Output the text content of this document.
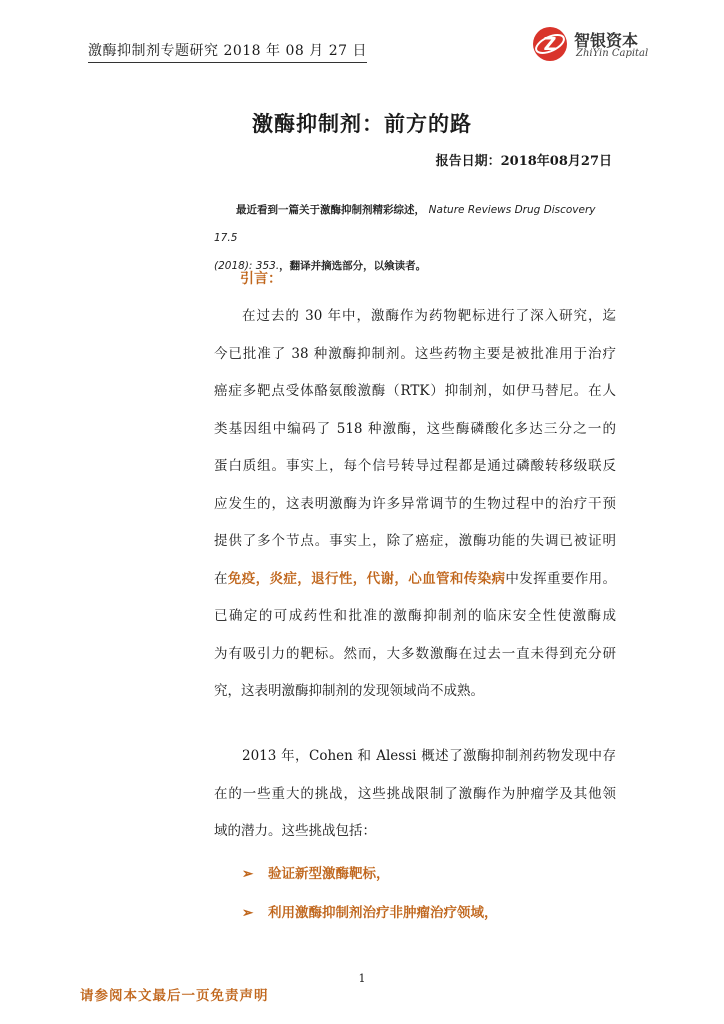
激酶抑制剂专题研究 2018 年 08 月 27 日	Z 智银资本
ZhiYin Capital
激酶抑制剂：前方的路
报告日期：2018年08月27日
最近看到一篇关于激酶抑制剂精彩综述， Nature Reviews Drug Discovery 17.5
(2018): 353.，翻译并摘选部分，以飨读者。
引言：
在过去的 30 年中，激酶作为药物靶标进行了深入研究，迄
今已批准了 38 种激酶抑制剂。这些药物主要是被批准用于治疗
癌症多靶点受体酪氨酸激酶（RTK）抑制剂，如伊马替尼。在人
类基因组中编码了 518 种激酶，这些酶磷酸化多达三分之一的
蛋白质组。事实上，每个信号转导过程都是通过磷酸转移级联反
应发生的，这表明激酶为许多异常调节的生物过程中的治疗干预
提供了多个节点。事实上，除了癌症，激酶功能的失调已被证明
在免疫，炎症，退行性，代谢，心血管和传染病中发挥重要作用。
已确定的可成药性和批准的激酶抑制剂的临床安全性使激酶成
为有吸引力的靶标。然而，大多数激酶在过去一直未得到充分研
究，这表明激酶抑制剂的发现领域尚不成熟。
2013 年，Cohen 和 Alessi 概述了激酶抑制剂药物发现中存
在的一些重大的挑战，这些挑战限制了激酶作为肿瘤学及其他领
域的潜力。这些挑战包括：
➢ 验证新型激酶靶标，
➢ 利用激酶抑制剂治疗非肿瘤治疗领域，
1
请参阅本文最后一页免责声明
